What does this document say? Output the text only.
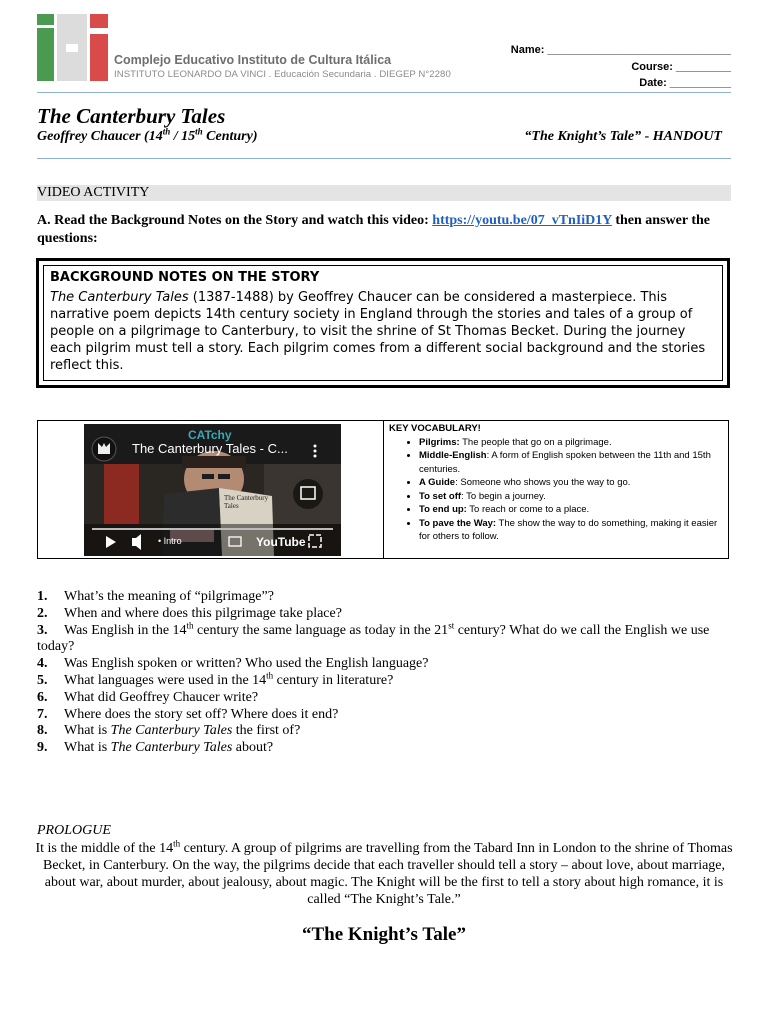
Complejo Educativo Instituto de Cultura Itálica
INSTITUTO LEONARDO DA VINCI . Educación Secundaria . DIEGEP N°2280
Name: ______________________________
Course: _________
Date: __________
The Canterbury Tales
Geoffrey Chaucer (14th / 15th Century)	“The Knight’s Tale” - HANDOUT
VIDEO ACTIVITY
A. Read the Background Notes on the Story and watch this video: https://youtu.be/07_vTnIiD1Y then answer the questions:
BACKGROUND NOTES ON THE STORY
The Canterbury Tales (1387-1488) by Geoffrey Chaucer can be considered a masterpiece. This narrative poem depicts 14th century society in England through the stories and tales of a group of people on a pilgrimage to Canterbury, to visit the shrine of St Thomas Becket. During the journey each pilgrim must tell a story. Each pilgrim comes from a different social background and the stories reflect this.
The Canterbury Tales - C...
CATchy
The Canterbury Tales
• Intro	YouTube
KEY VOCABULARY!
• Pilgrims: The people that go on a pilgrimage.
• Middle-English: A form of English spoken between the 11th and 15th centuries.
• A Guide: Someone who shows you the way to go.
• To set off: To begin a journey.
• To end up: To reach or come to a place.
• To pave the Way: The show the way to do something, making it easier for others to follow.
1. What’s the meaning of “pilgrimage”?
2. When and where does this pilgrimage take place?
3. Was English in the 14th century the same language as today in the 21st century? What do we call the English we use today?
4. Was English spoken or written? Who used the English language?
5. What languages were used in the 14th century in literature?
6. What did Geoffrey Chaucer write?
7. Where does the story set off? Where does it end?
8. What is The Canterbury Tales the first of?
9. What is The Canterbury Tales about?
PROLOGUE
It is the middle of the 14th century. A group of pilgrims are travelling from the Tabard Inn in London to the shrine of Thomas Becket, in Canterbury. On the way, the pilgrims decide that each traveller should tell a story – about love, about marriage, about war, about murder, about jealousy, about magic. The Knight will be the first to tell a story about high romance, it is called “The Knight’s Tale.”
“The Knight’s Tale”
